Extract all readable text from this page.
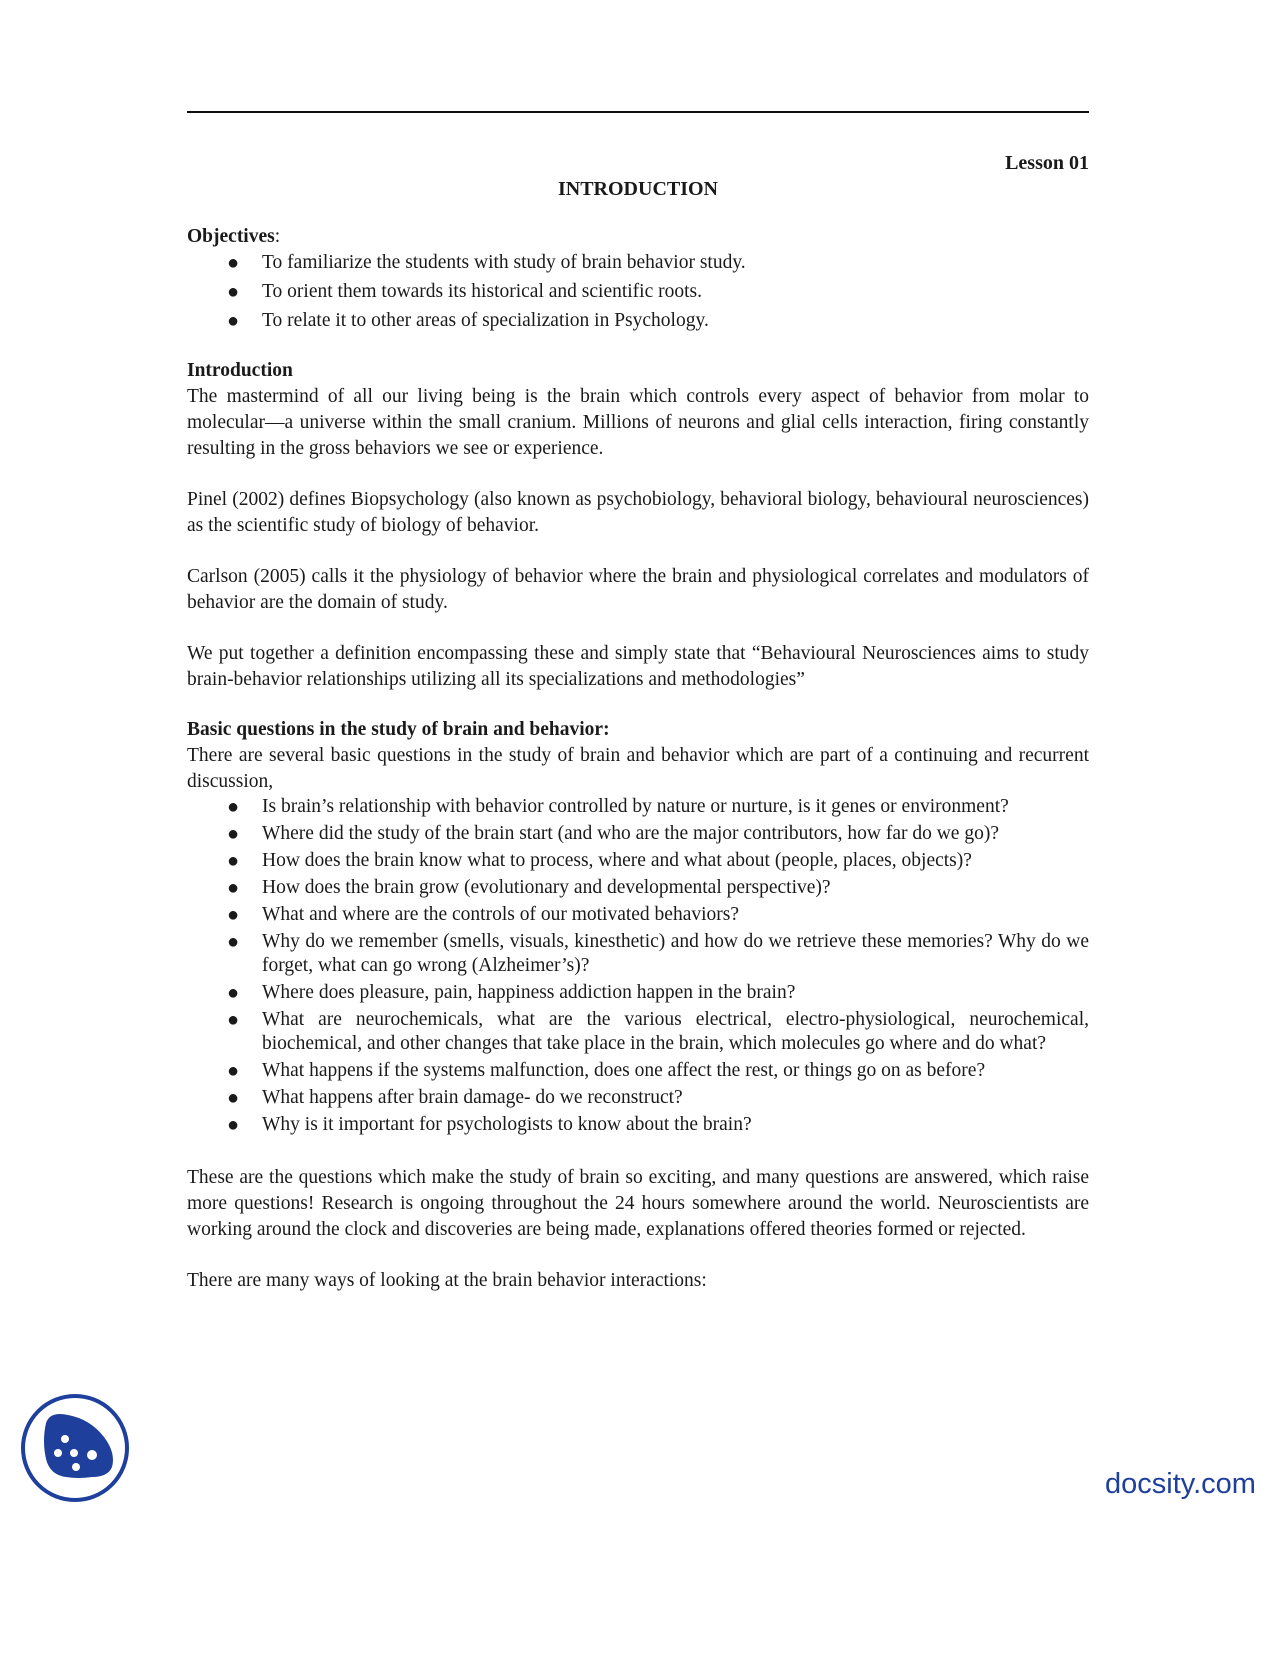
Lesson 01
INTRODUCTION
Objectives:
● To familiarize the students with study of brain behavior study.
● To orient them towards its historical and scientific roots.
● To relate it to other areas of specialization in Psychology.
Introduction

The mastermind of all our living being is the brain which controls every aspect of behavior from molar to molecular—a universe within the small cranium. Millions of neurons and glial cells interaction, firing constantly resulting in the gross behaviors we see or experience.

Pinel (2002) defines Biopsychology (also known as psychobiology, behavioral biology, behavioural neurosciences) as the scientific study of biology of behavior.

Carlson (2005) calls it the physiology of behavior where the brain and physiological correlates and modulators of behavior are the domain of study.

We put together a definition encompassing these and simply state that “Behavioural Neurosciences aims to study brain-behavior relationships utilizing all its specializations and methodologies”

Basic questions in the study of brain and behavior:

There are several basic questions in the study of brain and behavior which are part of a continuing and recurrent discussion,

● Is brain’s relationship with behavior controlled by nature or nurture, is it genes or environment?
● Where did the study of the brain start (and who are the major contributors, how far do we go)?
● How does the brain know what to process, where and what about (people, places, objects)?
● How does the brain grow (evolutionary and developmental perspective)?
● What and where are the controls of our motivated behaviors?
● Why do we remember (smells, visuals, kinesthetic) and how do we retrieve these memories? Why do we forget, what can go wrong (Alzheimer’s)?
● Where does pleasure, pain, happiness addiction happen in the brain?
● What are neurochemicals, what are the various electrical, electro-physiological, neurochemical, biochemical, and other changes that take place in the brain, which molecules go where and do what?
● What happens if the systems malfunction, does one affect the rest, or things go on as before?
● What happens after brain damage- do we reconstruct?
● Why is it important for psychologists to know about the brain?

These are the questions which make the study of brain so exciting, and many questions are answered, which raise more questions! Research is ongoing throughout the 24 hours somewhere around the world. Neuroscientists are working around the clock and discoveries are being made, explanations offered theories formed or rejected.

There are many ways of looking at the brain behavior interactions:

docsity.com
